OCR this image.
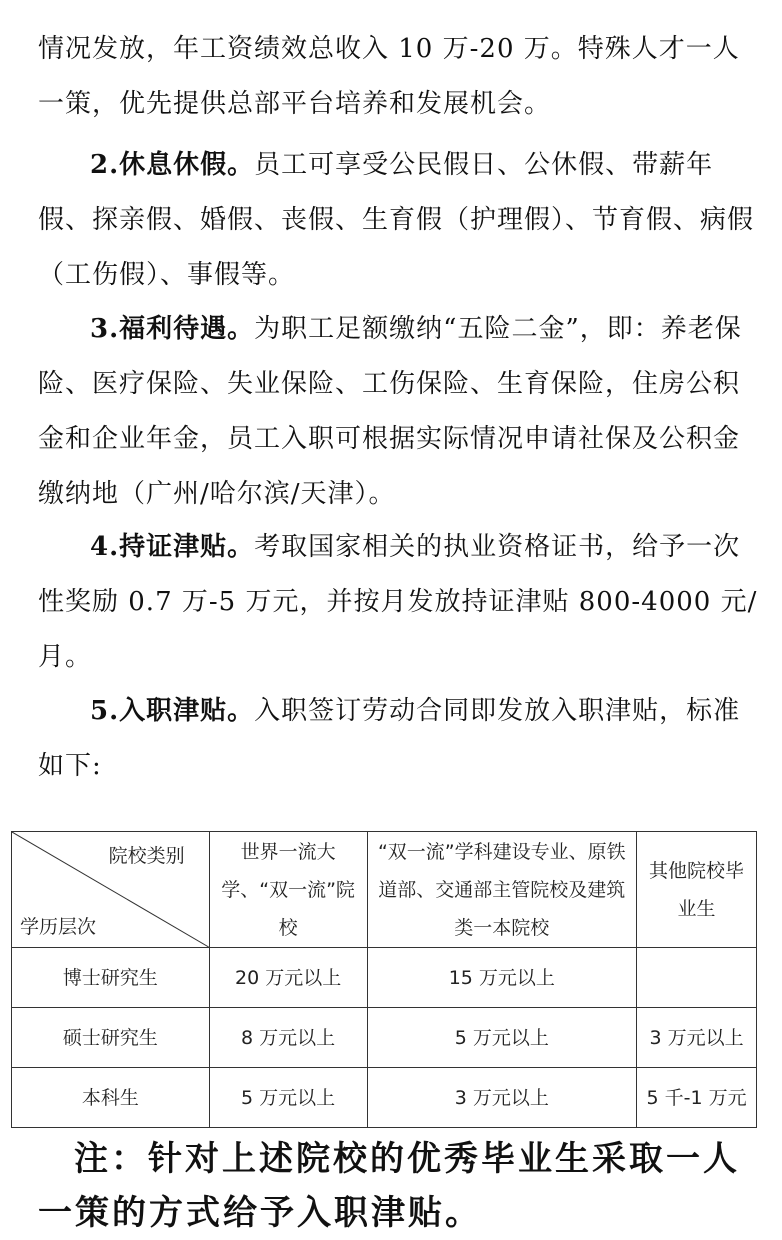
情况发放，年工资绩效总收入 10 万-20 万。特殊人才一人一策，优先提供总部平台培养和发展机会。

2.休息休假。员工可享受公民假日、公休假、带薪年假、探亲假、婚假、丧假、生育假（护理假）、节育假、病假（工伤假）、事假等。

3.福利待遇。为职工足额缴纳“五险二金”，即：养老保险、医疗保险、失业保险、工伤保险、生育保险，住房公积金和企业年金，员工入职可根据实际情况申请社保及公积金缴纳地（广州/哈尔滨/天津）。

4.持证津贴。考取国家相关的执业资格证书，给予一次性奖励 0.7 万-5 万元，并按月发放持证津贴 800-4000 元/月。

5.入职津贴。入职签订劳动合同即发放入职津贴，标准如下:

院校类别
学历层次	世界一流大学、“双一流”院校	“双一流”学科建设专业、原铁道部、交通部主管院校及建筑类一本院校	其他院校毕业生
博士研究生	20 万元以上	15 万元以上	
硕士研究生	8 万元以上	5 万元以上	3 万元以上
本科生	5 万元以上	3 万元以上	5 千-1 万元

注：针对上述院校的优秀毕业生采取一人一策的方式给予入职津贴。
